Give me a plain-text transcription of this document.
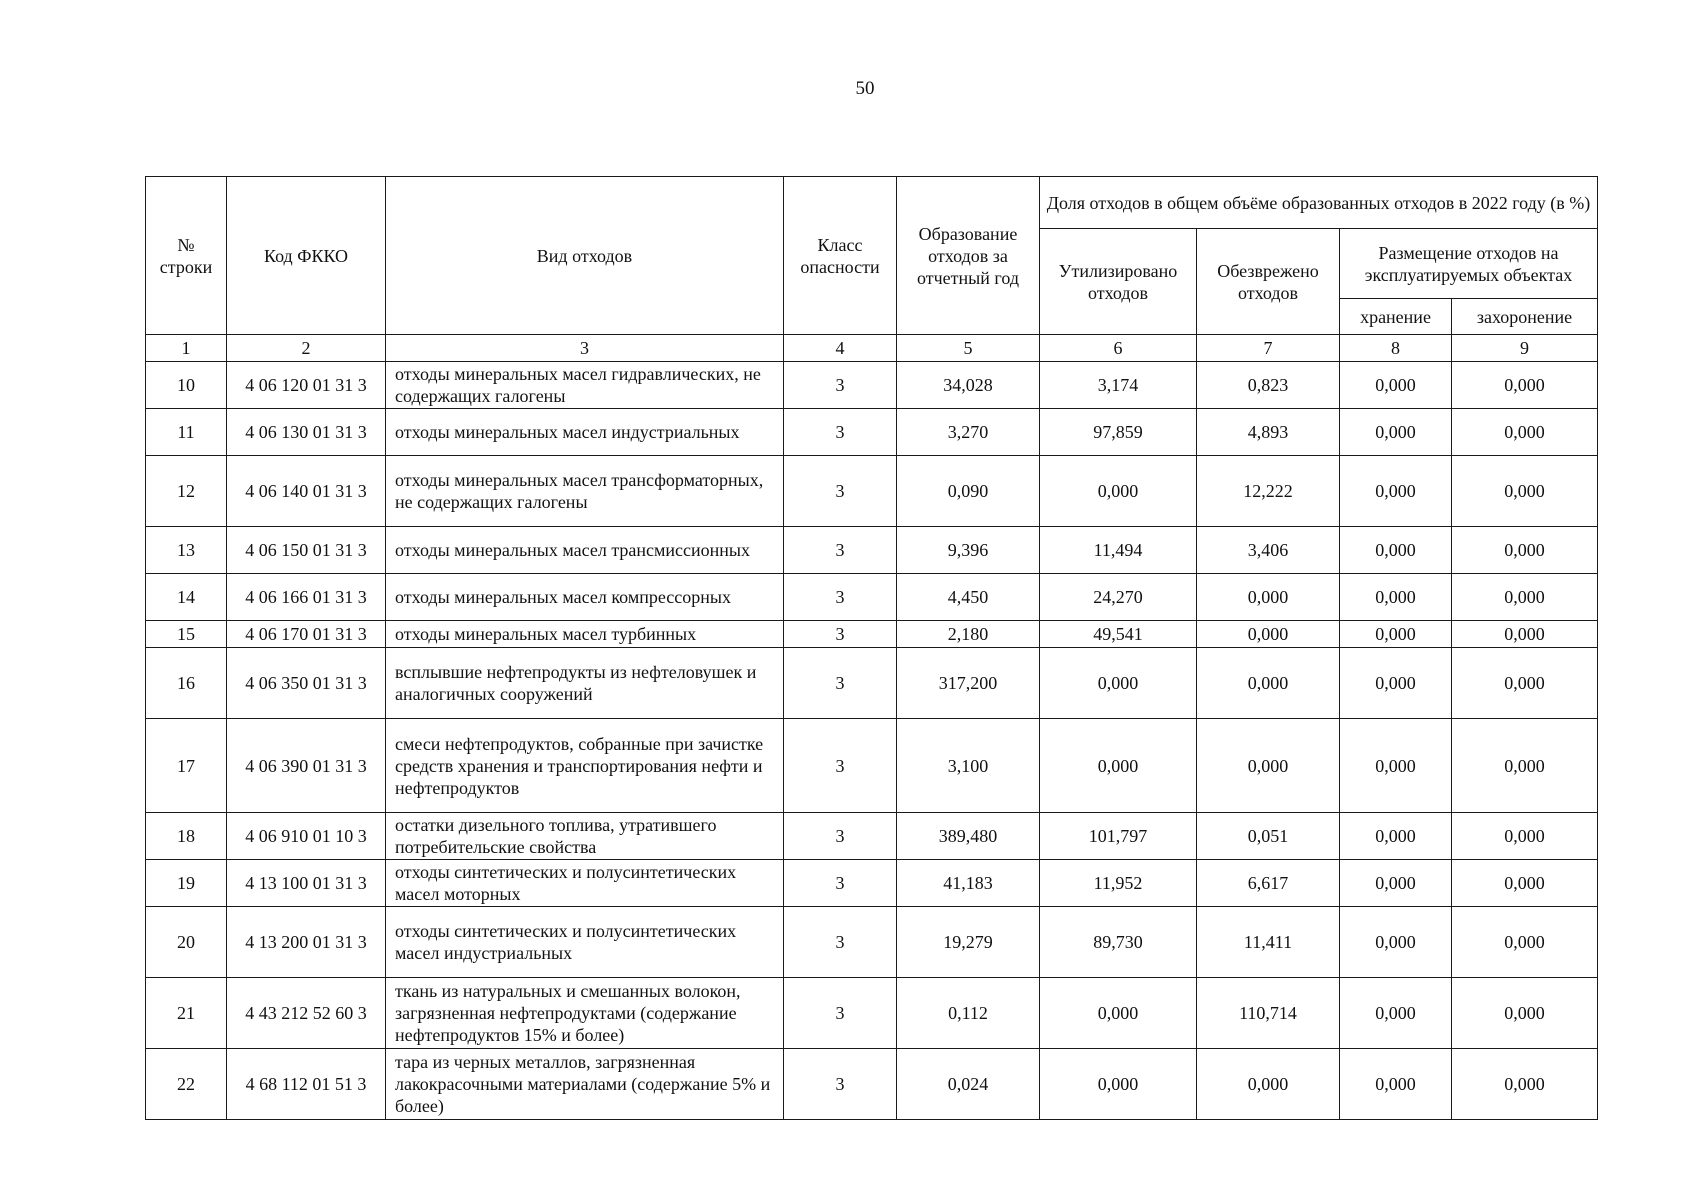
50
№ строки	Код ФККО	Вид отходов	Класс опасности	Образование отходов за отчетный год	Доля отходов в общем объёме образованных отходов в 2022 году (в %)			
					Утилизировано отходов	Обезврежено отходов	Размещение отходов на эксплуатируемых объектах	
							хранение	захоронение
1	2	3	4	5	6	7	8	9
10	4 06 120 01 31 3	отходы минеральных масел гидравлических, не содержащих галогены	3	34,028	3,174	0,823	0,000	0,000
11	4 06 130 01 31 3	отходы минеральных масел индустриальных	3	3,270	97,859	4,893	0,000	0,000
12	4 06 140 01 31 3	отходы минеральных масел трансформаторных, не содержащих галогены	3	0,090	0,000	12,222	0,000	0,000
13	4 06 150 01 31 3	отходы минеральных масел трансмиссионных	3	9,396	11,494	3,406	0,000	0,000
14	4 06 166 01 31 3	отходы минеральных масел компрессорных	3	4,450	24,270	0,000	0,000	0,000
15	4 06 170 01 31 3	отходы минеральных масел турбинных	3	2,180	49,541	0,000	0,000	0,000
16	4 06 350 01 31 3	всплывшие нефтепродукты из нефтеловушек и аналогичных сооружений	3	317,200	0,000	0,000	0,000	0,000
17	4 06 390 01 31 3	смеси нефтепродуктов, собранные при зачистке средств хранения и транспортирования нефти и нефтепродуктов	3	3,100	0,000	0,000	0,000	0,000
18	4 06 910 01 10 3	остатки дизельного топлива, утратившего потребительские свойства	3	389,480	101,797	0,051	0,000	0,000
19	4 13 100 01 31 3	отходы синтетических и полусинтетических масел моторных	3	41,183	11,952	6,617	0,000	0,000
20	4 13 200 01 31 3	отходы синтетических и полусинтетических масел индустриальных	3	19,279	89,730	11,411	0,000	0,000
21	4 43 212 52 60 3	ткань из натуральных и смешанных волокон, загрязненная нефтепродуктами (содержание нефтепродуктов 15% и более)	3	0,112	0,000	110,714	0,000	0,000
22	4 68 112 01 51 3	тара из черных металлов, загрязненная лакокрасочными материалами (содержание 5% и более)	3	0,024	0,000	0,000	0,000	0,000
